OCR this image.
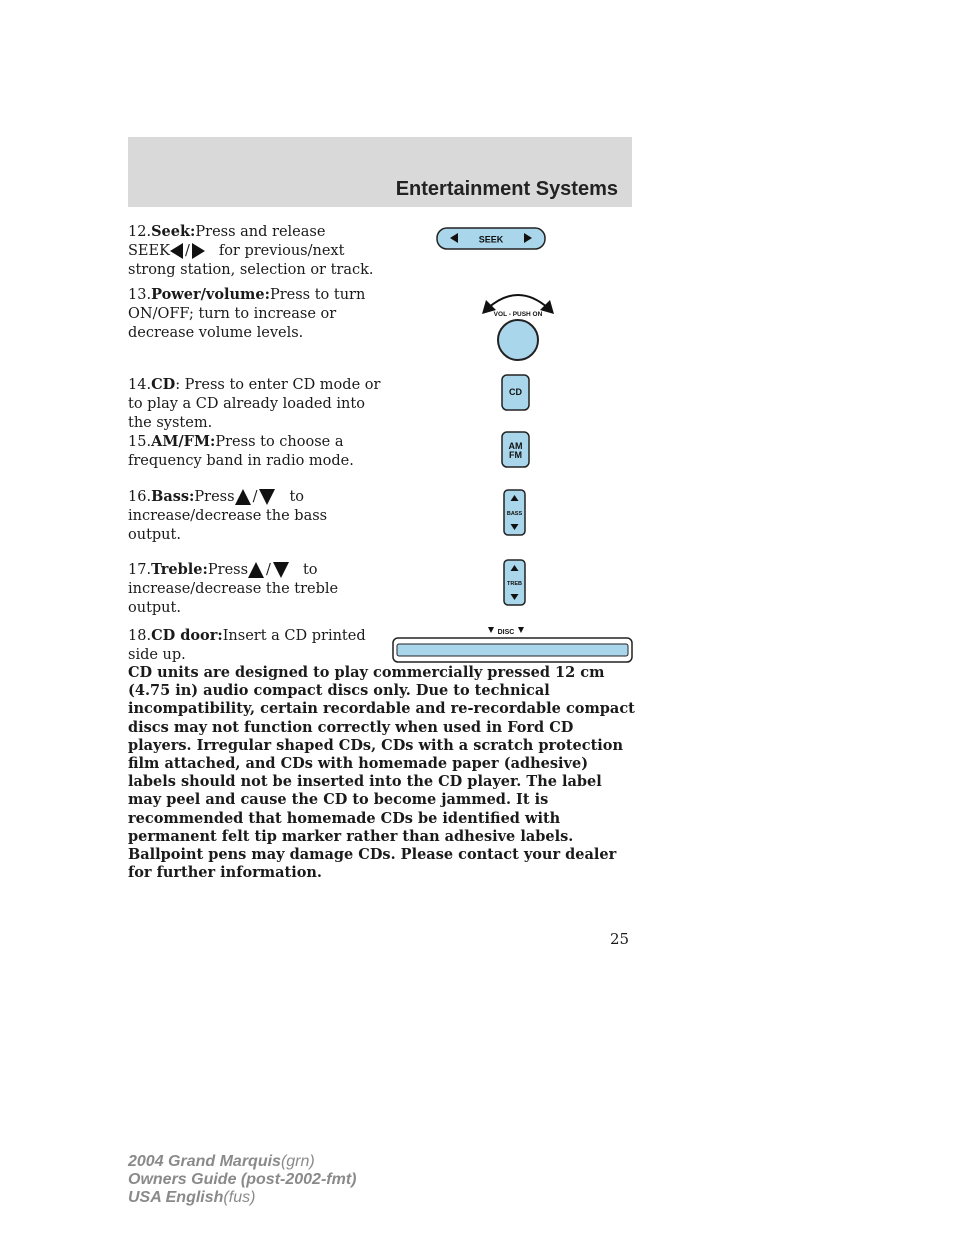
Entertainment Systems
12.Seek:Press and release
SEEK / for previous/next
strong station, selection or track.
SEEK
13.Power/volume:Press to turn ON/OFF; turn to increase or decrease volume levels.
VOL - PUSH ON
14.CD: Press to enter CD mode or to play a CD already loaded into the system.
CD
15.AM/FM:Press to choose a frequency band in radio mode.
AM
FM
16.Bass:Press / to
increase/decrease the bass output.
BASS
17.Treble:Press / to
increase/decrease the treble output.
TREB
18.CD door:Insert a CD printed side up.
DISC
CD units are designed to play commercially pressed 12 cm (4.75 in) audio compact discs only. Due to technical incompatibility, certain recordable and re-recordable compact discs may not function correctly when used in Ford CD players. Irregular shaped CDs, CDs with a scratch protection film attached, and CDs with homemade paper (adhesive) labels should not be inserted into the CD player. The label may peel and cause the CD to become jammed. It is recommended that homemade CDs be identified with permanent felt tip marker rather than adhesive labels. Ballpoint pens may damage CDs. Please contact your dealer for further information.
25
2004 Grand Marquis(grn)
Owners Guide (post-2002-fmt)
USA English(fus)
